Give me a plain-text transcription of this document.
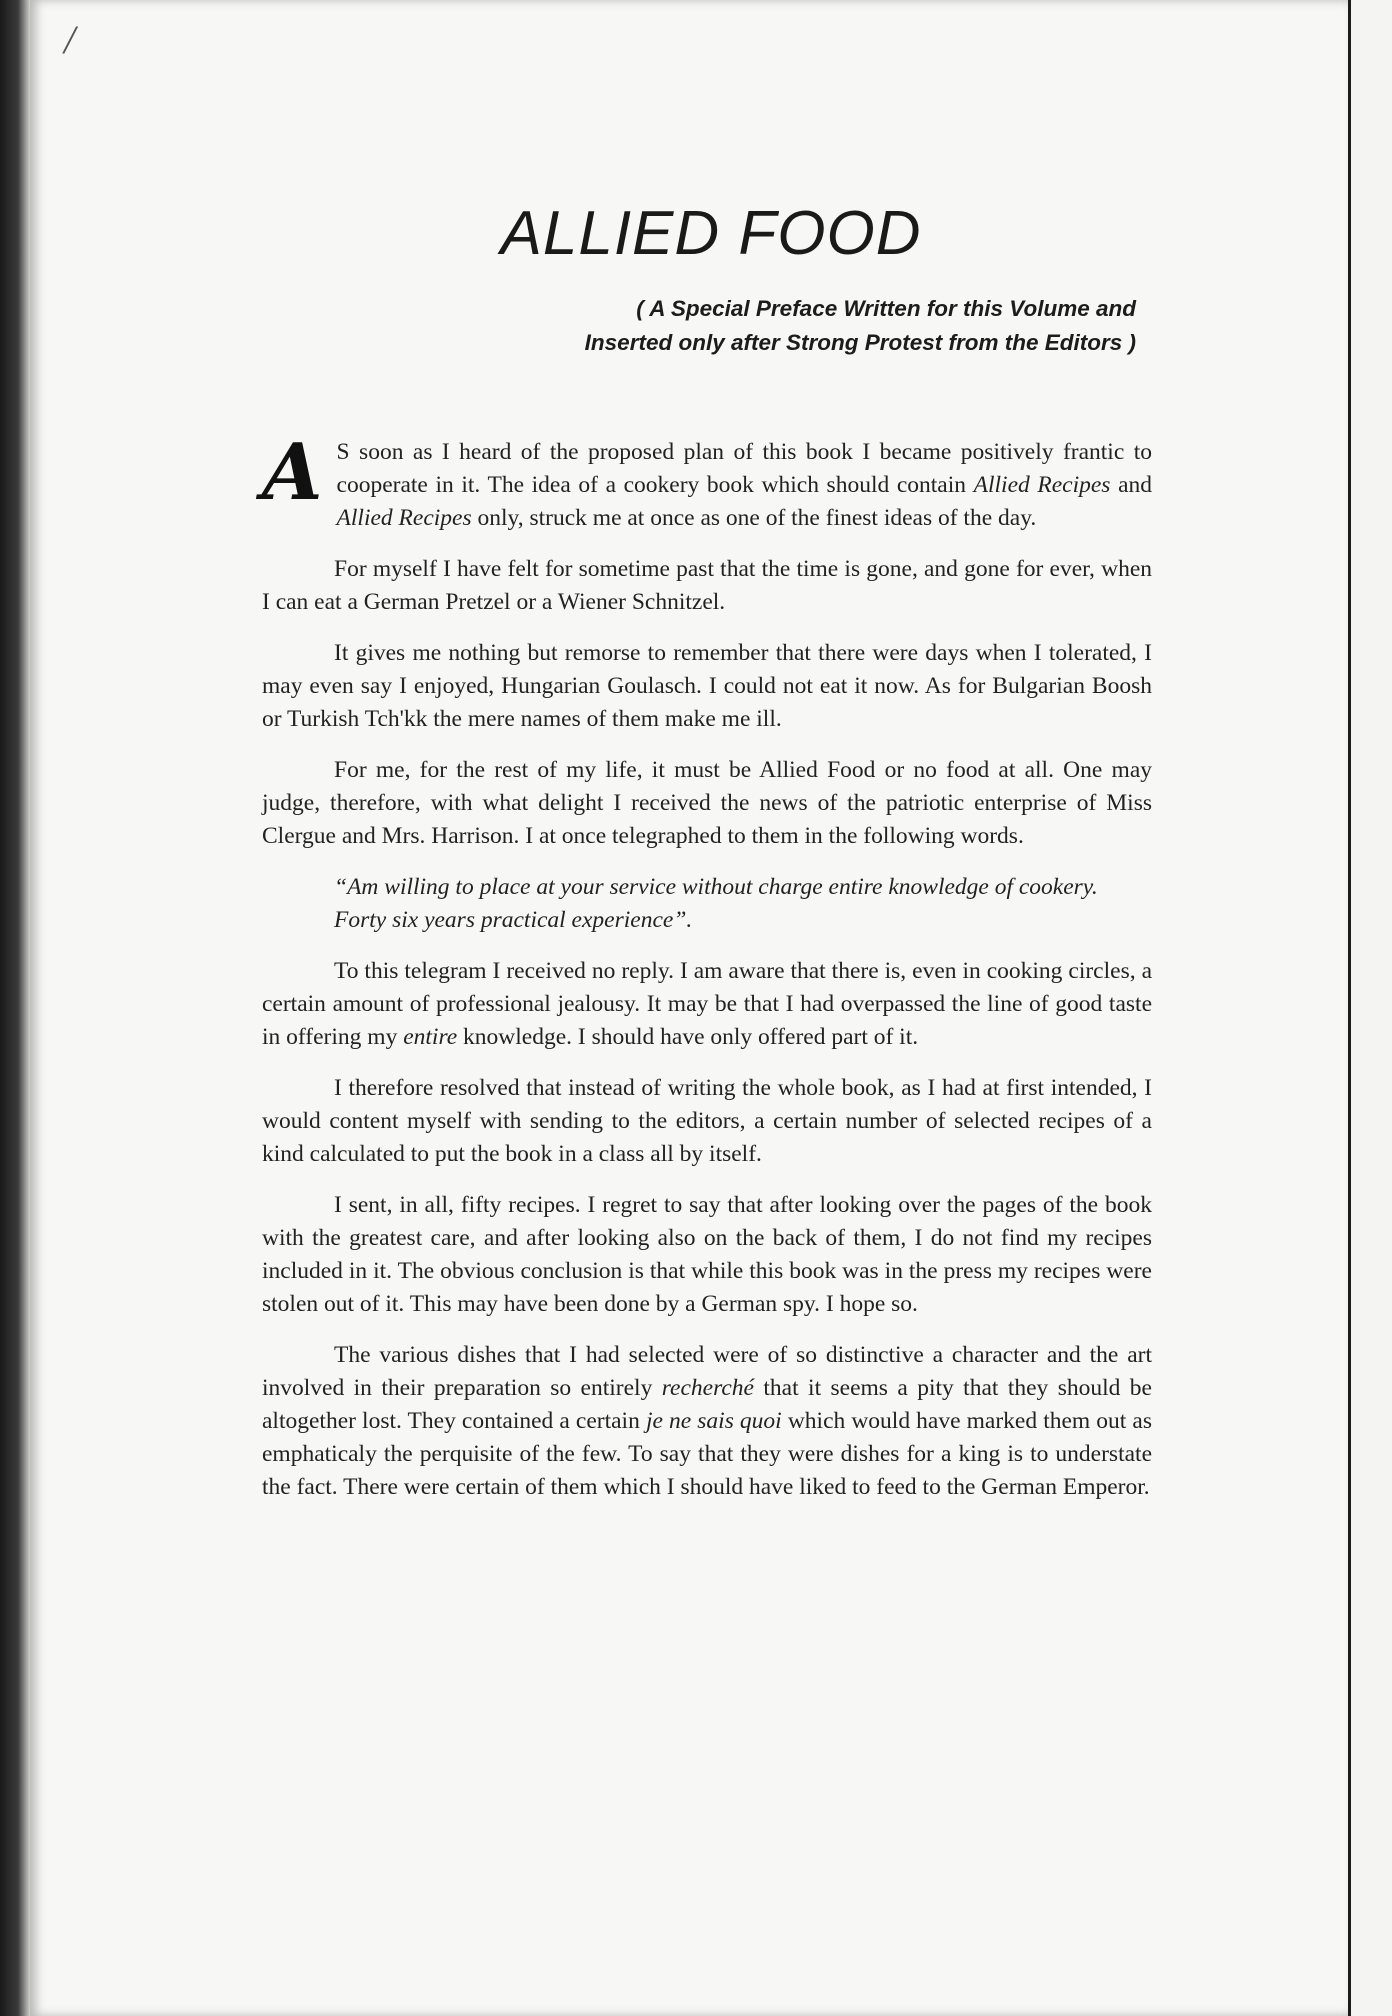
/
ALLIED FOOD
( A Special Preface Written for this Volume and
Inserted only after Strong Protest from the Editors )

A S soon as I heard of the proposed plan of this book I became positively frantic to cooperate in it. The idea of a cookery book which should contain Allied Recipes and Allied Recipes only, struck me at once as one of the finest ideas of the day.

For myself I have felt for sometime past that the time is gone, and gone for ever, when I can eat a German Pretzel or a Wiener Schnitzel.

It gives me nothing but remorse to remember that there were days when I tolerated, I may even say I enjoyed, Hungarian Goulasch. I could not eat it now. As for Bulgarian Boosh or Turkish Tch'kk the mere names of them make me ill.

For me, for the rest of my life, it must be Allied Food or no food at all. One may judge, therefore, with what delight I received the news of the patriotic enterprise of Miss Clergue and Mrs. Harrison. I at once telegraphed to them in the following words.

“Am willing to place at your service without charge entire knowledge of cookery. Forty six years practical experience”.

To this telegram I received no reply. I am aware that there is, even in cooking circles, a certain amount of professional jealousy. It may be that I had overpassed the line of good taste in offering my entire knowledge. I should have only offered part of it.

I therefore resolved that instead of writing the whole book, as I had at first intended, I would content myself with sending to the editors, a certain number of selected recipes of a kind calculated to put the book in a class all by itself.

I sent, in all, fifty recipes. I regret to say that after looking over the pages of the book with the greatest care, and after looking also on the back of them, I do not find my recipes included in it. The obvious conclusion is that while this book was in the press my recipes were stolen out of it. This may have been done by a German spy. I hope so.

The various dishes that I had selected were of so distinctive a character and the art involved in their preparation so entirely recherché that it seems a pity that they should be altogether lost. They contained a certain je ne sais quoi which would have marked them out as emphaticaly the perquisite of the few. To say that they were dishes for a king is to understate the fact. There were certain of them which I should have liked to feed to the German Emperor.
